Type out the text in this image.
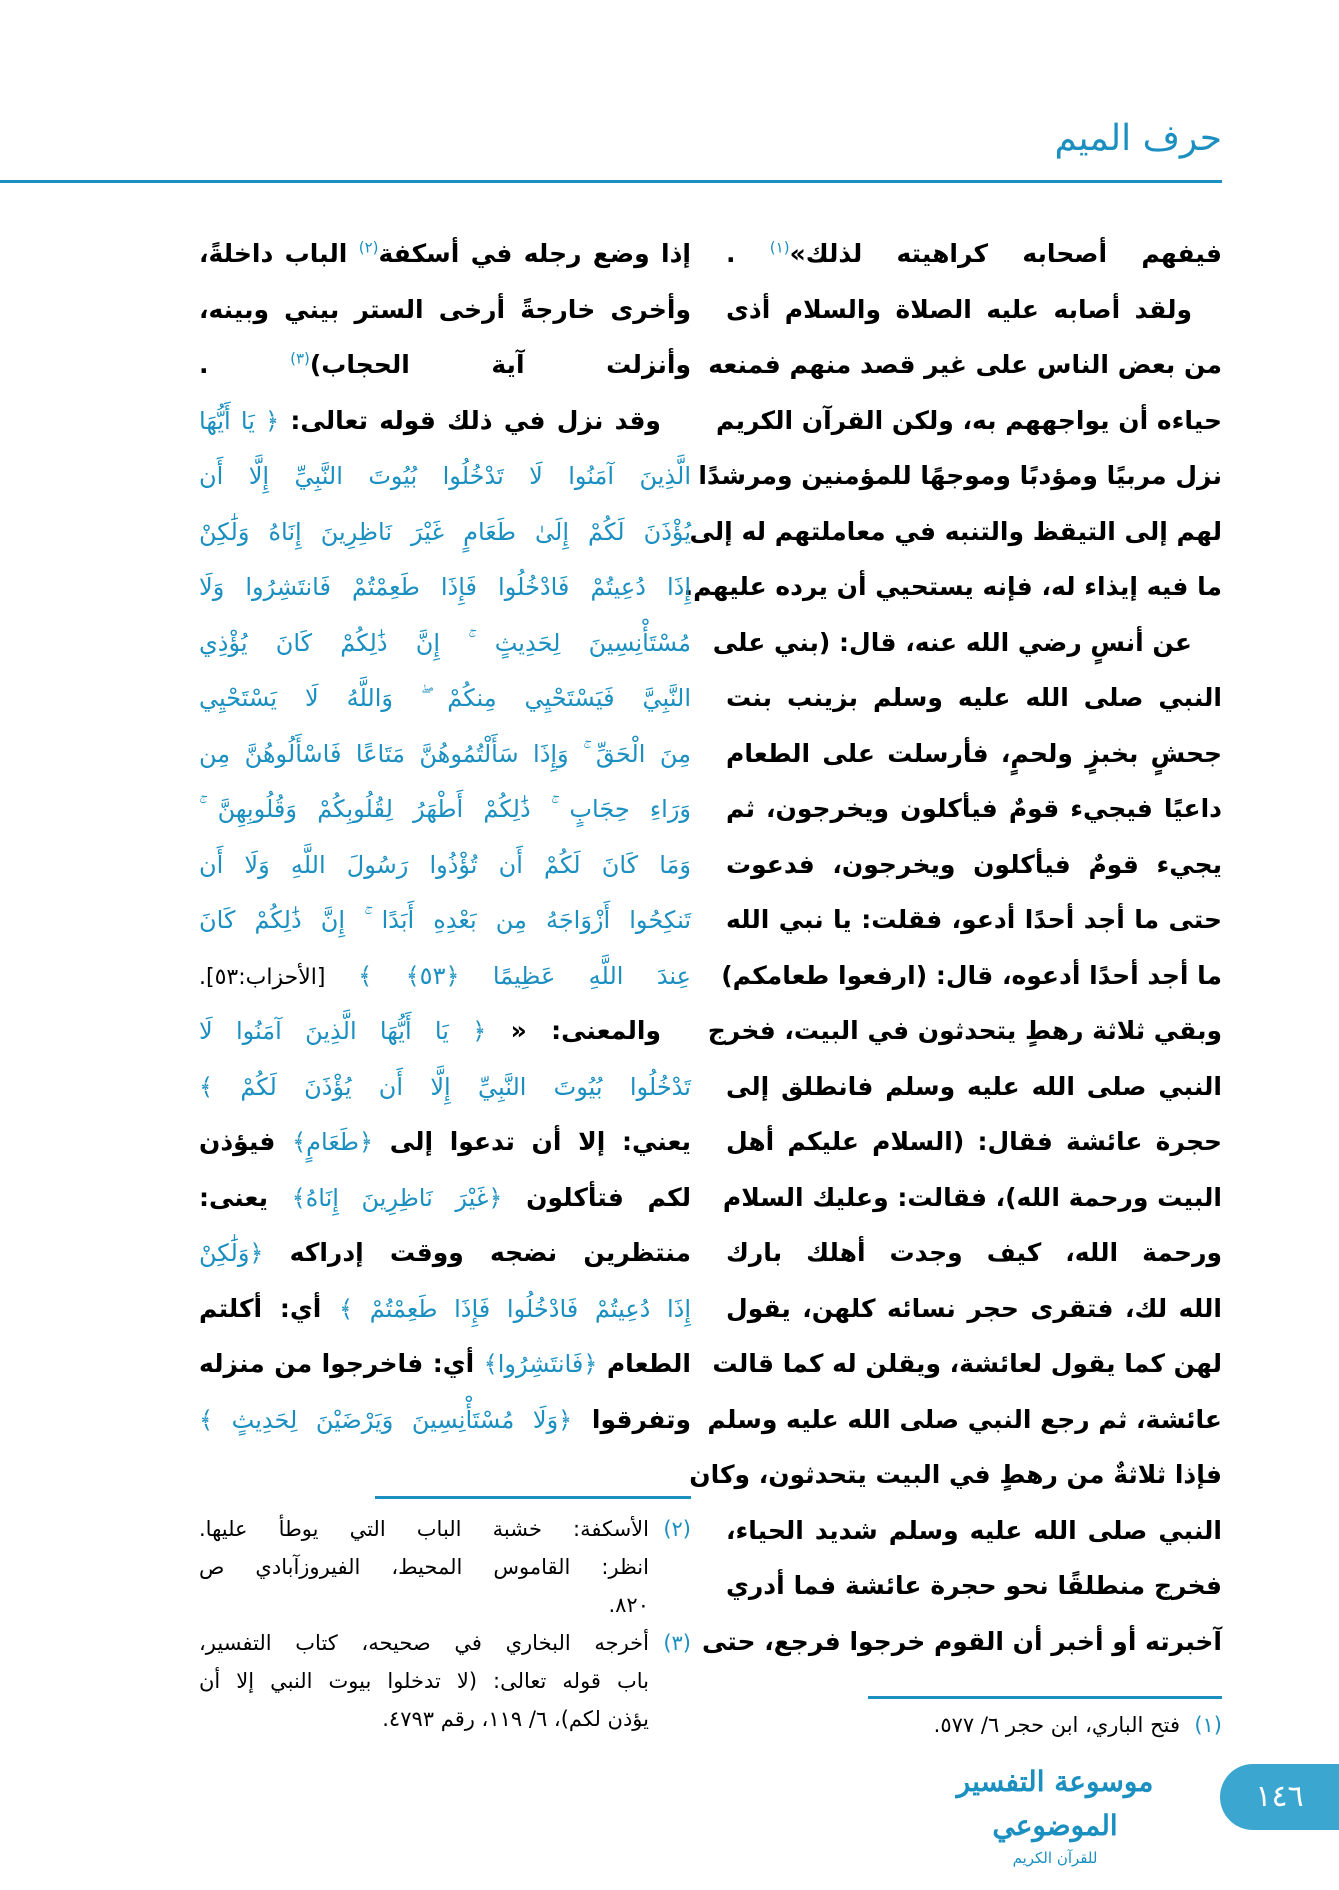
حرف الميم
فيفهم أصحابه كراهيته لذلك»$^{(١)}$ .
ولقد أصابه عليه الصلاة والسلام أذى
من بعض الناس على غير قصد منهم فمنعه
حياءه أن يواجههم به، ولكن القرآن الكريم
نزل مربيًا ومؤدبًا وموجهًا للمؤمنين ومرشدًا
لهم إلى التيقظ والتنبه في معاملتهم له إلى
ما فيه إيذاء له، فإنه يستحيي أن يرده عليهم.
عن أنسٍ رضي الله عنه، قال: (بني على
النبي صلى الله عليه وسلم بزينب بنت
جحشٍ بخبزٍ ولحمٍ، فأرسلت على الطعام
داعيًا فيجيء قومٌ فيأكلون ويخرجون، ثم
يجيء قومٌ فيأكلون ويخرجون، فدعوت
حتى ما أجد أحدًا أدعو، فقلت: يا نبي الله
ما أجد أحدًا أدعوه، قال: (ارفعوا طعامكم)
وبقي ثلاثة رهطٍ يتحدثون في البيت، فخرج
النبي صلى الله عليه وسلم فانطلق إلى
حجرة عائشة فقال: (السلام عليكم أهل
البيت ورحمة الله)، فقالت: وعليك السلام
ورحمة الله، كيف وجدت أهلك بارك
الله لك، فتقرى حجر نسائه كلهن، يقول
لهن كما يقول لعائشة، ويقلن له كما قالت
عائشة، ثم رجع النبي صلى الله عليه وسلم
فإذا ثلاثةٌ من رهطٍ في البيت يتحدثون، وكان
النبي صلى الله عليه وسلم شديد الحياء،
فخرج منطلقًا نحو حجرة عائشة فما أدري
آخبرته أو أخبر أن القوم خرجوا فرجع، حتى
إذا وضع رجله في أسكفة$^{(٢)}$ الباب داخلةً،
وأخرى خارجةً أرخى الستر بيني وبينه،
وأنزلت آية الحجاب)$^{(٣)}$ .
وقد نزل في ذلك قوله تعالى: ﴿ يَا أَيُّهَا
الَّذِينَ آمَنُوا لَا تَدْخُلُوا بُيُوتَ النَّبِيِّ إِلَّا أَن
يُؤْذَنَ لَكُمْ إِلَىٰ طَعَامٍ غَيْرَ نَاظِرِينَ إِنَاهُ وَلَٰكِنْ
إِذَا دُعِيتُمْ فَادْخُلُوا فَإِذَا طَعِمْتُمْ فَانتَشِرُوا وَلَا
مُسْتَأْنِسِينَ لِحَدِيثٍ ۚ إِنَّ ذَٰلِكُمْ كَانَ يُؤْذِي
النَّبِيَّ فَيَسْتَحْيِي مِنكُمْ ۖ وَاللَّهُ لَا يَسْتَحْيِي
مِنَ الْحَقِّ ۚ وَإِذَا سَأَلْتُمُوهُنَّ مَتَاعًا فَاسْأَلُوهُنَّ مِن
وَرَاءِ حِجَابٍ ۚ ذَٰلِكُمْ أَطْهَرُ لِقُلُوبِكُمْ وَقُلُوبِهِنَّ ۚ
وَمَا كَانَ لَكُمْ أَن تُؤْذُوا رَسُولَ اللَّهِ وَلَا أَن
تَنكِحُوا أَزْوَاجَهُ مِن بَعْدِهِ أَبَدًا ۚ إِنَّ ذَٰلِكُمْ كَانَ
عِندَ اللَّهِ عَظِيمًا ﴿٥٣﴾ ﴾ [الأحزاب:٥٣].
والمعنى: « ﴿ يَا أَيُّهَا الَّذِينَ آمَنُوا لَا
تَدْخُلُوا بُيُوتَ النَّبِيِّ إِلَّا أَن يُؤْذَنَ لَكُمْ ﴾
يعني: إلا أن تدعوا إلى ﴿طَعَامٍ﴾ فيؤذن
لكم فتأكلون ﴿غَيْرَ نَاظِرِينَ إِنَاهُ﴾ يعنى:
منتظرين نضجه ووقت إدراكه ﴿وَلَٰكِنْ
إِذَا دُعِيتُمْ فَادْخُلُوا فَإِذَا طَعِمْتُمْ ﴾ أي: أكلتم
الطعام ﴿فَانتَشِرُوا﴾ أي: فاخرجوا من منزله
وتفرقوا ﴿وَلَا مُسْتَأْنِسِينَ وَيَرْضَيْنَ لِحَدِيثٍ ﴾
(٢)الأسكفة: خشبة الباب التي يوطأ عليها.
انظر: القاموس المحيط، الفيروزآبادي ص
٨٢٠.
(٣)أخرجه البخاري في صحيحه، كتاب التفسير،
باب قوله تعالى: (لا تدخلوا بيوت النبي إلا أن
يؤذن لكم)، ٦/ ١١٩، رقم ٤٧٩٣.	(١)فتح الباري، ابن حجر ٦/ ٥٧٧.
موسوعة التفسير الموضوعي
للقرآن الكريم
١٤٦
